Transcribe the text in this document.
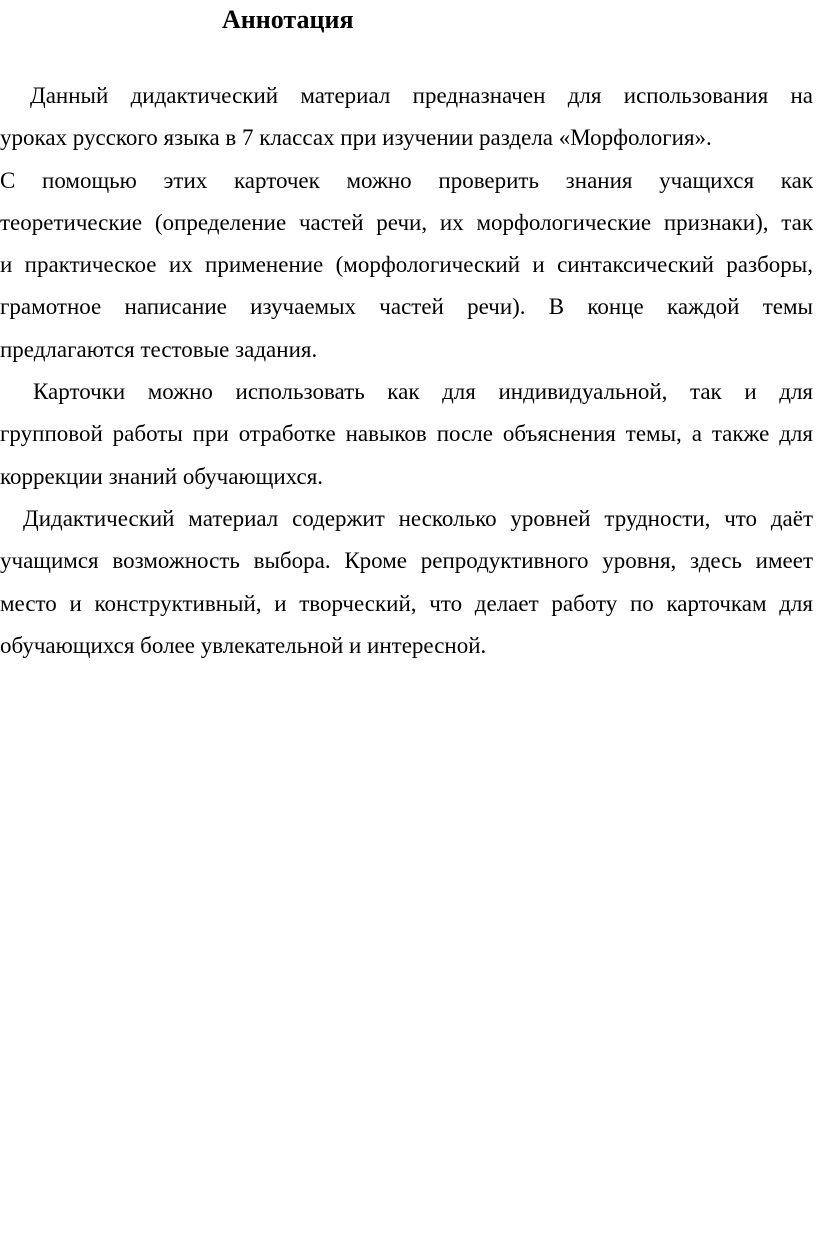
Аннотация
Данный дидактический материал предназначен для использования на
уроках русского языка в 7 классах при изучении раздела «Морфология».
С помощью этих карточек можно проверить знания учащихся как
теоретические (определение частей речи, их морфологические признаки), так
и практическое их применение (морфологический и синтаксический разборы,
грамотное написание изучаемых частей речи). В конце каждой темы
предлагаются тестовые задания.
Карточки можно использовать как для индивидуальной, так и для
групповой работы при отработке навыков после объяснения темы, а также для
коррекции знаний обучающихся.
Дидактический материал содержит несколько уровней трудности, что даёт
учащимся возможность выбора. Кроме репродуктивного уровня, здесь имеет
место и конструктивный, и творческий, что делает работу по карточкам для
обучающихся более увлекательной и интересной.
